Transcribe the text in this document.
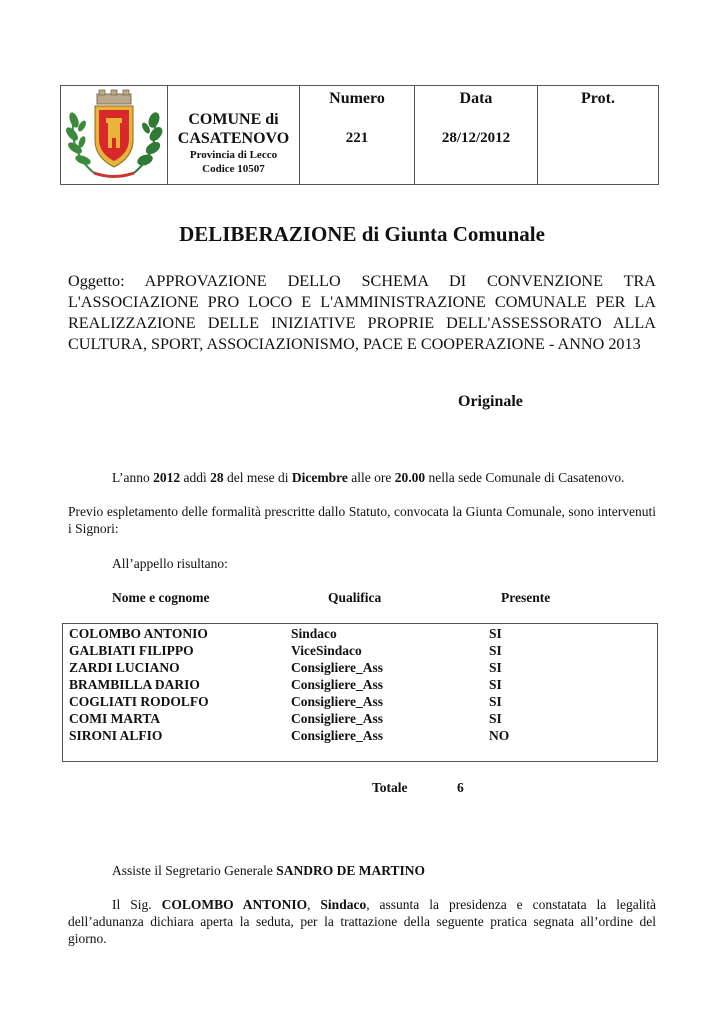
COMUNE di
CASATENOVO
Provincia di Lecco
Codice 10507
Numero
221
Data
28/12/2012
Prot.
DELIBERAZIONE di Giunta Comunale
Oggetto: APPROVAZIONE DELLO SCHEMA DI CONVENZIONE TRA L'ASSOCIAZIONE PRO LOCO E L'AMMINISTRAZIONE COMUNALE PER LA REALIZZAZIONE DELLE INIZIATIVE PROPRIE DELL'ASSESSORATO ALLA CULTURA, SPORT, ASSOCIAZIONISMO, PACE E COOPERAZIONE - ANNO 2013
Originale
L’anno 2012 addì 28 del mese di Dicembre alle ore 20.00 nella sede Comunale di Casatenovo.
Previo espletamento delle formalità prescritte dallo Statuto, convocata la Giunta Comunale, sono intervenuti i Signori:
All’appello risultano:
Nome e cognome	Qualifica	Presente
COLOMBO ANTONIO	Sindaco	SI
GALBIATI FILIPPO	ViceSindaco	SI
ZARDI LUCIANO	Consigliere_Ass	SI
BRAMBILLA DARIO	Consigliere_Ass	SI
COGLIATI RODOLFO	Consigliere_Ass	SI
COMI MARTA	Consigliere_Ass	SI
SIRONI ALFIO	Consigliere_Ass	NO
Totale	6
Assiste il Segretario Generale SANDRO DE MARTINO
Il Sig. COLOMBO ANTONIO, Sindaco, assunta la presidenza e constatata la legalità dell’adunanza dichiara aperta la seduta, per la trattazione della seguente pratica segnata all’ordine del giorno.
